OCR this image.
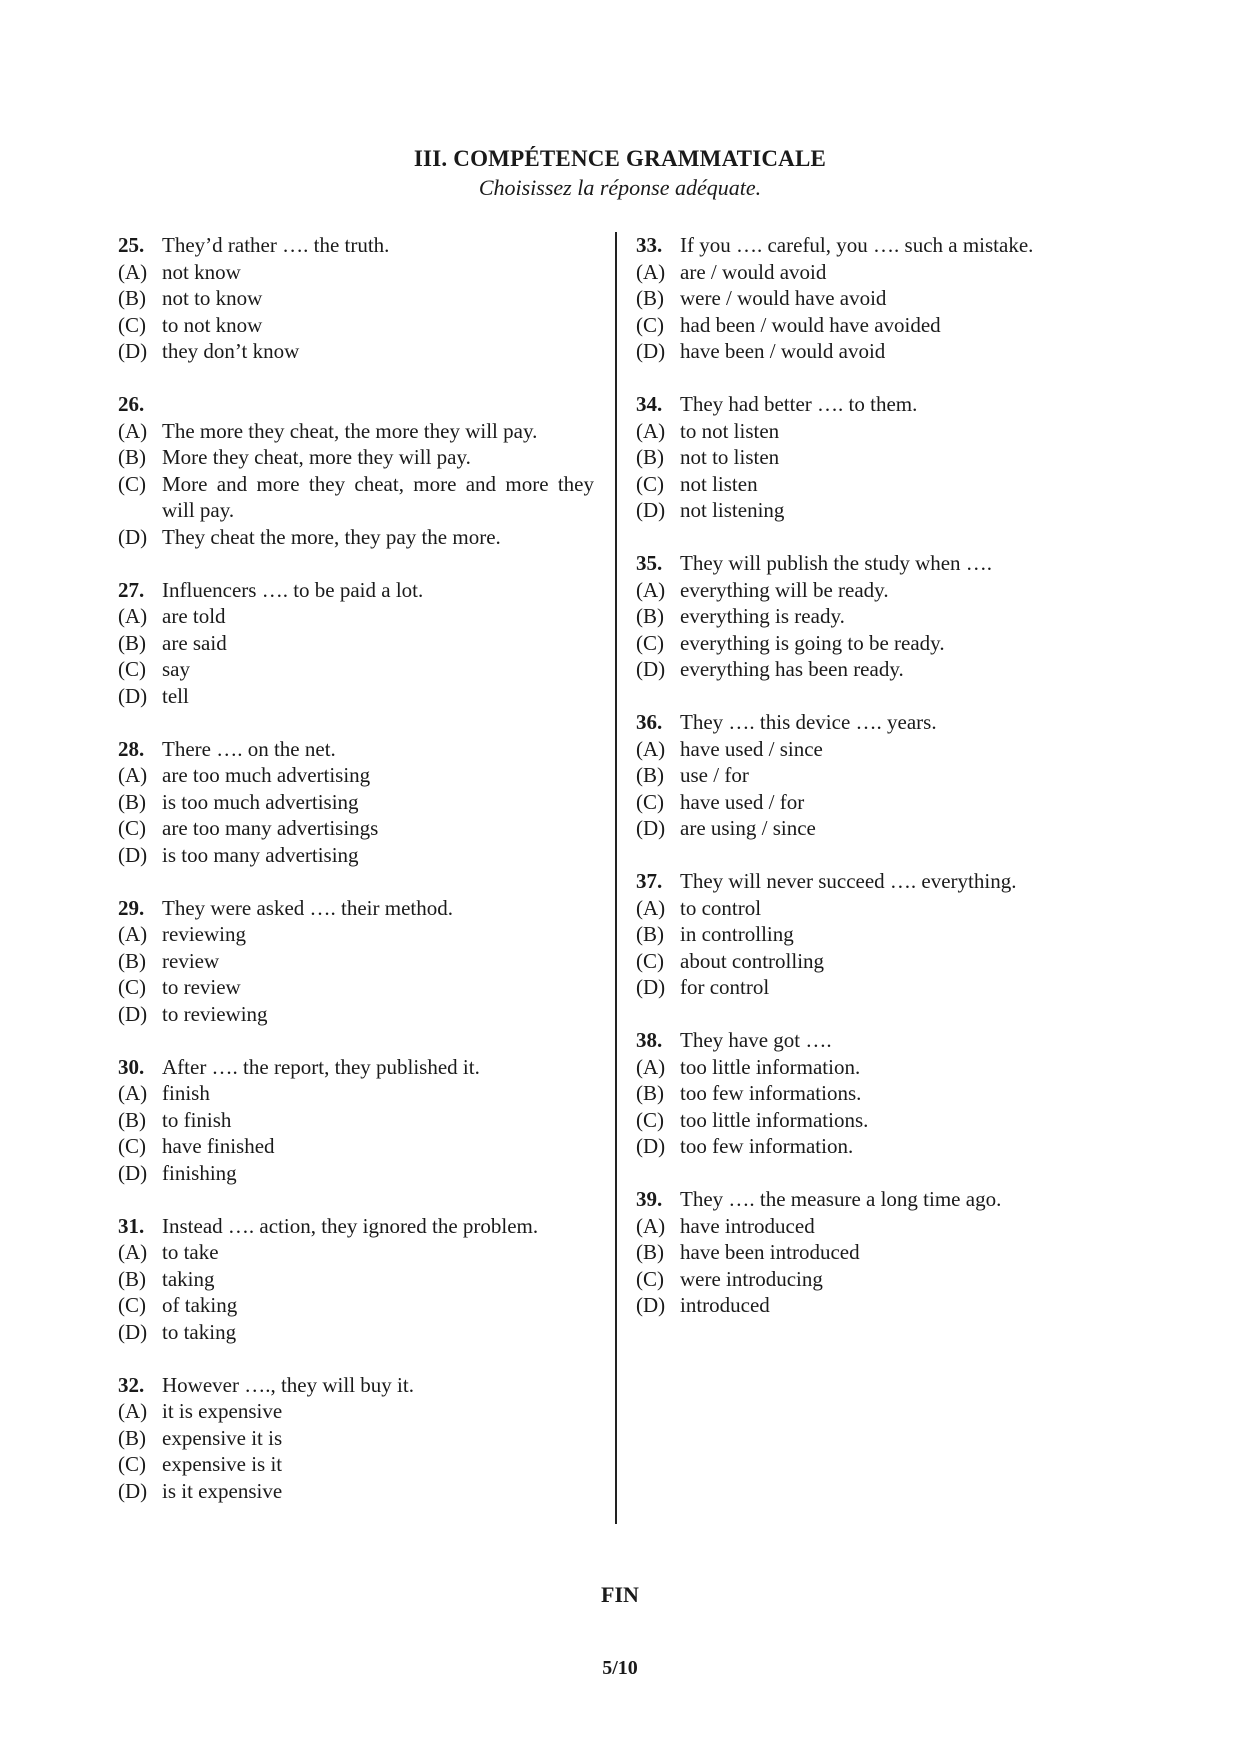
III. COMPÉTENCE GRAMMATICALE
Choisissez la réponse adéquate.
25. They’d rather …. the truth.
(A) not know
(B) not to know
(C) to not know
(D) they don’t know
26.
(A) The more they cheat, the more they will pay.
(B) More they cheat, more they will pay.
(C) More and more they cheat, more and more they will pay.
(D) They cheat the more, they pay the more.
27. Influencers …. to be paid a lot.
(A) are told
(B) are said
(C) say
(D) tell
28. There …. on the net.
(A) are too much advertising
(B) is too much advertising
(C) are too many advertisings
(D) is too many advertising
29. They were asked …. their method.
(A) reviewing
(B) review
(C) to review
(D) to reviewing
30. After …. the report, they published it.
(A) finish
(B) to finish
(C) have finished
(D) finishing
31. Instead …. action, they ignored the problem.
(A) to take
(B) taking
(C) of taking
(D) to taking
32. However …., they will buy it.
(A) it is expensive
(B) expensive it is
(C) expensive is it
(D) is it expensive
33. If you …. careful, you …. such a mistake.
(A) are / would avoid
(B) were / would have avoid
(C) had been / would have avoided
(D) have been / would avoid
34. They had better …. to them.
(A) to not listen
(B) not to listen
(C) not listen
(D) not listening
35. They will publish the study when ….
(A) everything will be ready.
(B) everything is ready.
(C) everything is going to be ready.
(D) everything has been ready.
36. They …. this device …. years.
(A) have used / since
(B) use / for
(C) have used / for
(D) are using / since
37. They will never succeed …. everything.
(A) to control
(B) in controlling
(C) about controlling
(D) for control
38. They have got ….
(A) too little information.
(B) too few informations.
(C) too little informations.
(D) too few information.
39. They …. the measure a long time ago.
(A) have introduced
(B) have been introduced
(C) were introducing
(D) introduced
FIN
5/10
